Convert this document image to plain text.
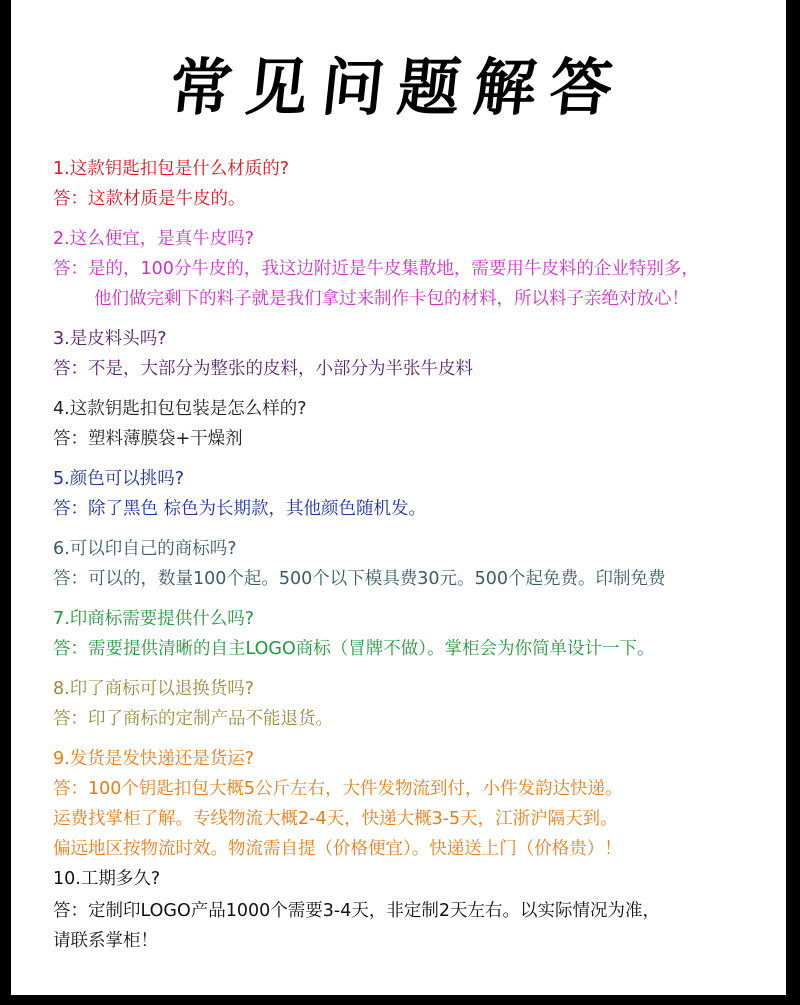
常见问题解答
1.这款钥匙扣包是什么材质的?
答：这款材质是牛皮的。
2.这么便宜，是真牛皮吗?
答：是的，100分牛皮的，我这边附近是牛皮集散地，需要用牛皮料的企业特别多，
他们做完剩下的料子就是我们拿过来制作卡包的材料，所以料子亲绝对放心！
3.是皮料头吗?
答：不是，大部分为整张的皮料，小部分为半张牛皮料
4.这款钥匙扣包包装是怎么样的?
答：塑料薄膜袋+干燥剂
5.颜色可以挑吗?
答：除了黑色 棕色为长期款，其他颜色随机发。
6.可以印自己的商标吗?
答：可以的，数量100个起。500个以下模具费30元。500个起免费。印制免费
7.印商标需要提供什么吗?
答：需要提供清晰的自主LOGO商标（冒牌不做）。掌柜会为你简单设计一下。
8.印了商标可以退换货吗?
答：印了商标的定制产品不能退货。
9.发货是发快递还是货运?
答：100个钥匙扣包大概5公斤左右，大件发物流到付，小件发韵达快递。
运费找掌柜了解。专线物流大概2-4天，快递大概3-5天，江浙沪隔天到。
偏远地区按物流时效。物流需自提（价格便宜）。快递送上门（价格贵）！
10.工期多久?
答：定制印LOGO产品1000个需要3-4天，非定制2天左右。以实际情况为准，
请联系掌柜！
